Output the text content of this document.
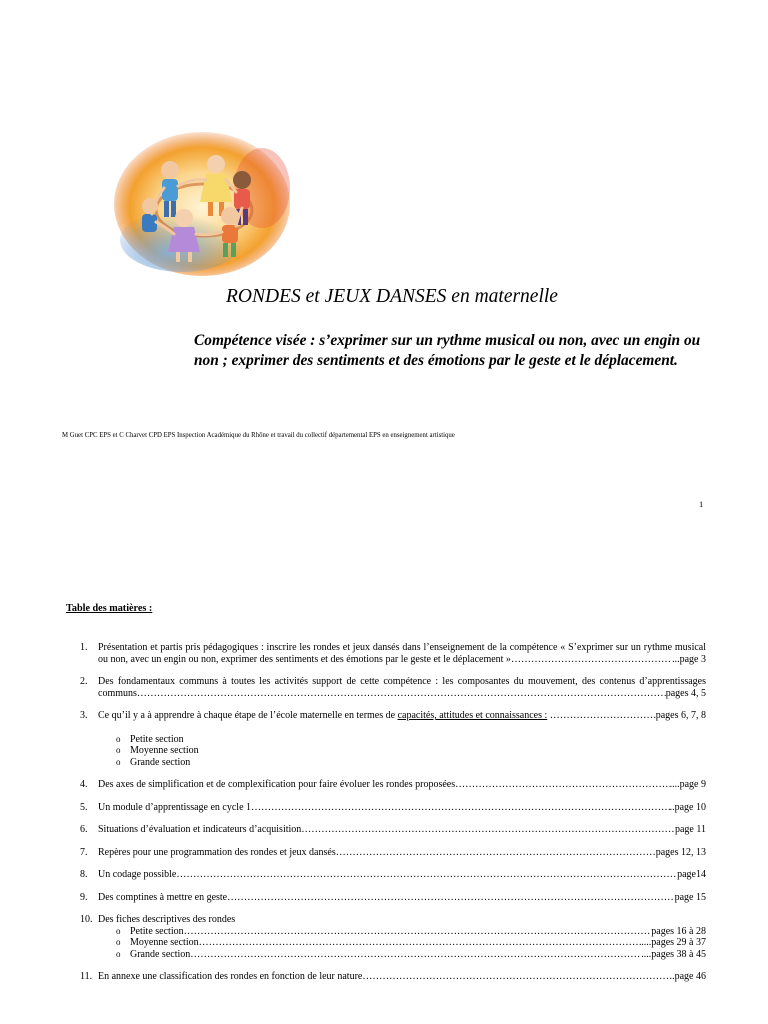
RONDES et JEUX DANSES en maternelle

Compétence visée : s’exprimer sur un rythme musical ou non, avec un engin ou non ; exprimer des sentiments et des émotions par le geste et le déplacement.

M Guet CPC EPS et C Charvet CPD EPS Inspection Académique du Rhône et travail du collectif départemental EPS en enseignement artistique

1

Table des matières :

1. Présentation et partis pris pédagogiques : inscrire les rondes et jeux dansés dans l’enseignement de la compétence « S’exprimer sur un rythme musical
ou non, avec un engin ou non, exprimer des sentiments et des émotions par le geste et le déplacement » ………………………………………………………………………………………………………………………………………………………………………………………………………	...page 3
2. Des fondamentaux communs à toutes les activités support de cette compétence : les composantes du mouvement, des contenus d’apprentissages
communs ………………………………………………………………………………………………………………………………………………………………………………………………………	pages 4, 5
3. Ce qu’il y a à apprendre à chaque étape de l’école maternelle en termes de capacités, attitudes et connaissances : ………………………………………………………………………………………………………………………………………………………………………………………………………	pages 6, 7, 8

o Petite section

o Moyenne section

o Grande section

4. Des axes de simplification et de complexification pour faire évoluer les rondes proposées ………………………………………………………………………………………………………………………………………………………………………………………………………	....page 9
5. Un module d’apprentissage en cycle 1 ………………………………………………………………………………………………………………………………………………………………………………………………………	..page 10
6. Situations d’évaluation et indicateurs d’acquisition ………………………………………………………………………………………………………………………………………………………………………………………………………	page 11
7. Repères pour une programmation des rondes et jeux dansés ………………………………………………………………………………………………………………………………………………………………………………………………………	pages 12, 13
8. Un codage possible ………………………………………………………………………………………………………………………………………………………………………………………………………	page14
9. Des comptines à mettre en geste ………………………………………………………………………………………………………………………………………………………………………………………………………	page 15
10. Des fiches descriptives des rondes
o Petite section ………………………………………………………………………………………………………………………………………………………………………………………………………	pages 16 à 28
o Moyenne section ………………………………………………………………………………………………………………………………………………………………………………………………………	....pages 29 à 37
o Grande section ………………………………………………………………………………………………………………………………………………………………………………………………………	....pages 38 à 45
11. En annexe une classification des rondes en fonction de leur nature ………………………………………………………………………………………………………………………………………………………………………………………………………	.page 46
